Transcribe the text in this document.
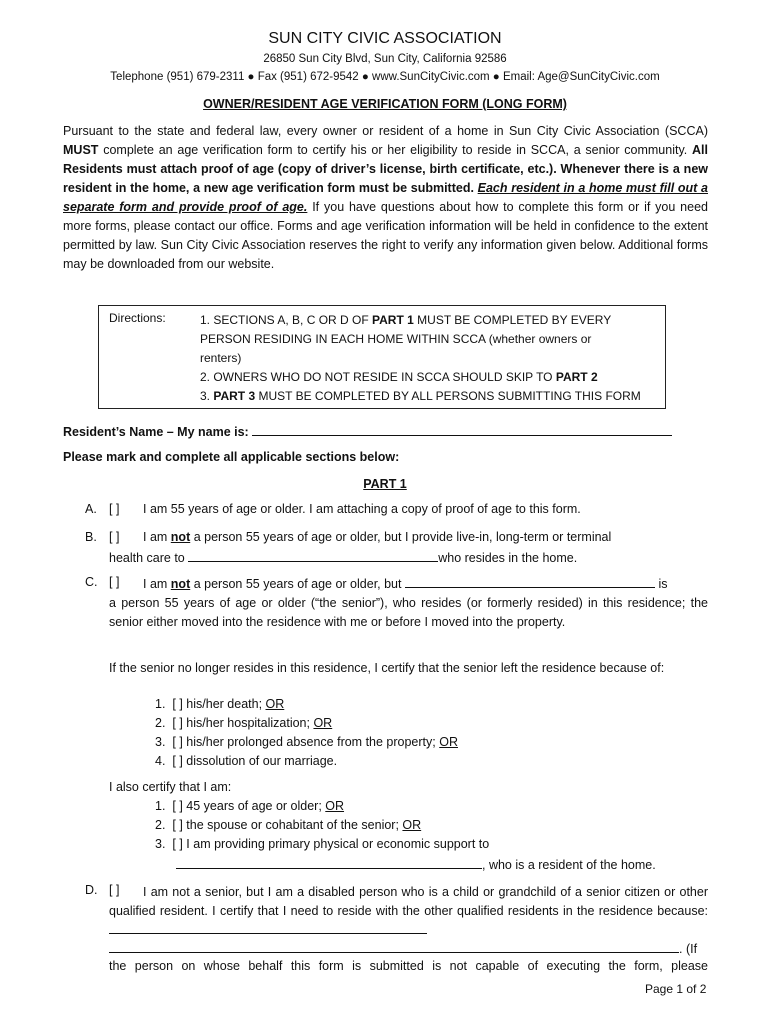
SUN CITY CIVIC ASSOCIATION
26850 Sun City Blvd, Sun City, California 92586
Telephone (951) 679-2311 ● Fax (951) 672-9542 ● www.SunCityCivic.com ● Email: Age@SunCityCivic.com
OWNER/RESIDENT AGE VERIFICATION FORM (LONG FORM)

Pursuant to the state and federal law, every owner or resident of a home in Sun City Civic Association (SCCA) MUST complete an age verification form to certify his or her eligibility to reside in SCCA, a senior community. All Residents must attach proof of age (copy of driver’s license, birth certificate, etc.). Whenever there is a new resident in the home, a new age verification form must be submitted. Each resident in a home must fill out a separate form and provide proof of age. If you have questions about how to complete this form or if you need more forms, please contact our office. Forms and age verification information will be held in confidence to the extent permitted by law. Sun City Civic Association reserves the right to verify any information given below. Additional forms may be downloaded from our website.

Directions:	1. SECTIONS A, B, C OR D OF PART 1 MUST BE COMPLETED BY EVERY
PERSON RESIDING IN EACH HOME WITHIN SCCA (whether owners or
renters)
2. OWNERS WHO DO NOT RESIDE IN SCCA SHOULD SKIP TO PART 2
3. PART 3 MUST BE COMPLETED BY ALL PERSONS SUBMITTING THIS FORM
Resident’s Name – My name is:
Please mark and complete all applicable sections below:
PART 1
A. [ ] I am 55 years of age or older. I am attaching a copy of proof of age to this form.
B. [ ] I am not a person 55 years of age or older, but I provide live-in, long-term or terminal
health care to	who resides in the home.
C. [ ] I am not a person 55 years of age or older, but	is
a person 55 years of age or older (“the senior”), who resides (or formerly resided) in this residence; the senior either moved into the residence with me or before I moved into the property.
If the senior no longer resides in this residence, I certify that the senior left the residence because of:
1. [ ] his/her death; OR
2. [ ] his/her hospitalization; OR
3. [ ] his/her prolonged absence from the property; OR
4. [ ] dissolution of our marriage.
I also certify that I am:
1. [ ] 45 years of age or older; OR
2. [ ] the spouse or cohabitant of the senior; OR
3. [ ] I am providing primary physical or economic support to
, who is a resident of the home.
D. [ ]	I am not a senior, but I am a disabled person who is a child or grandchild of a senior citizen or other qualified resident. I certify that I need to reside with the other qualified residents in the residence because:
. (If
the person on whose behalf this form is submitted is not capable of executing the form, please
Page 1 of 2
